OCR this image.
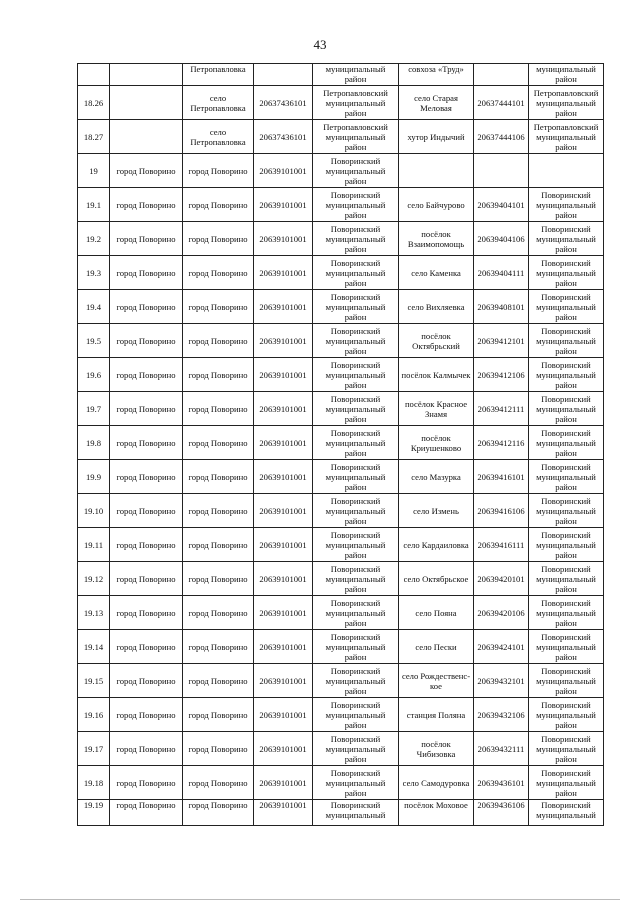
43
		Петропавловка		муниципальный район	совхоза «Труд»		муниципальный район
18.26		село Петропавловка	20637436101	Петропавловский муниципальный район	село Старая Меловая	20637444101	Петропавловский муниципальный район
18.27		село Петропавловка	20637436101	Петропавловский муниципальный район	хутор Индычий	20637444106	Петропавловский муниципальный район
19	город Поворино	город Поворино	20639101001	Поворинский муниципальный район			
19.1	город Поворино	город Поворино	20639101001	Поворинский муниципальный район	село Байчурово	20639404101	Поворинский муниципальный район
19.2	город Поворино	город Поворино	20639101001	Поворинский муниципальный район	посёлок Взаимопомощь	20639404106	Поворинский муниципальный район
19.3	город Поворино	город Поворино	20639101001	Поворинский муниципальный район	село Каменка	20639404111	Поворинский муниципальный район
19.4	город Поворино	город Поворино	20639101001	Поворинский муниципальный район	село Вихляевка	20639408101	Поворинский муниципальный район
19.5	город Поворино	город Поворино	20639101001	Поворинский муниципальный район	посёлок Октябрьский	20639412101	Поворинский муниципальный район
19.6	город Поворино	город Поворино	20639101001	Поворинский муниципальный район	посёлок Калмычек	20639412106	Поворинский муниципальный район
19.7	город Поворино	город Поворино	20639101001	Поворинский муниципальный район	посёлок Красное Знамя	20639412111	Поворинский муниципальный район
19.8	город Поворино	город Поворино	20639101001	Поворинский муниципальный район	посёлок Криушенково	20639412116	Поворинский муниципальный район
19.9	город Поворино	город Поворино	20639101001	Поворинский муниципальный район	село Мазурка	20639416101	Поворинский муниципальный район
19.10	город Поворино	город Поворино	20639101001	Поворинский муниципальный район	село Измень	20639416106	Поворинский муниципальный район
19.11	город Поворино	город Поворино	20639101001	Поворинский муниципальный район	село Кардаиловка	20639416111	Поворинский муниципальный район
19.12	город Поворино	город Поворино	20639101001	Поворинский муниципальный район	село Октябрьское	20639420101	Поворинский муниципальный район
19.13	город Поворино	город Поворино	20639101001	Поворинский муниципальный район	село Пояна	20639420106	Поворинский муниципальный район
19.14	город Поворино	город Поворино	20639101001	Поворинский муниципальный район	село Пески	20639424101	Поворинский муниципальный район
19.15	город Поворино	город Поворино	20639101001	Поворинский муниципальный район	село Рождественс-кое	20639432101	Поворинский муниципальный район
19.16	город Поворино	город Поворино	20639101001	Поворинский муниципальный район	станция Поляна	20639432106	Поворинский муниципальный район
19.17	город Поворино	город Поворино	20639101001	Поворинский муниципальный район	посёлок Чибизовка	20639432111	Поворинский муниципальный район
19.18	город Поворино	город Поворино	20639101001	Поворинский муниципальный район	село Самодуровка	20639436101	Поворинский муниципальный район
19.19	город Поворино	город Поворино	20639101001	Поворинский муниципальный	посёлок Моховое	20639436106	Поворинский муниципальный
